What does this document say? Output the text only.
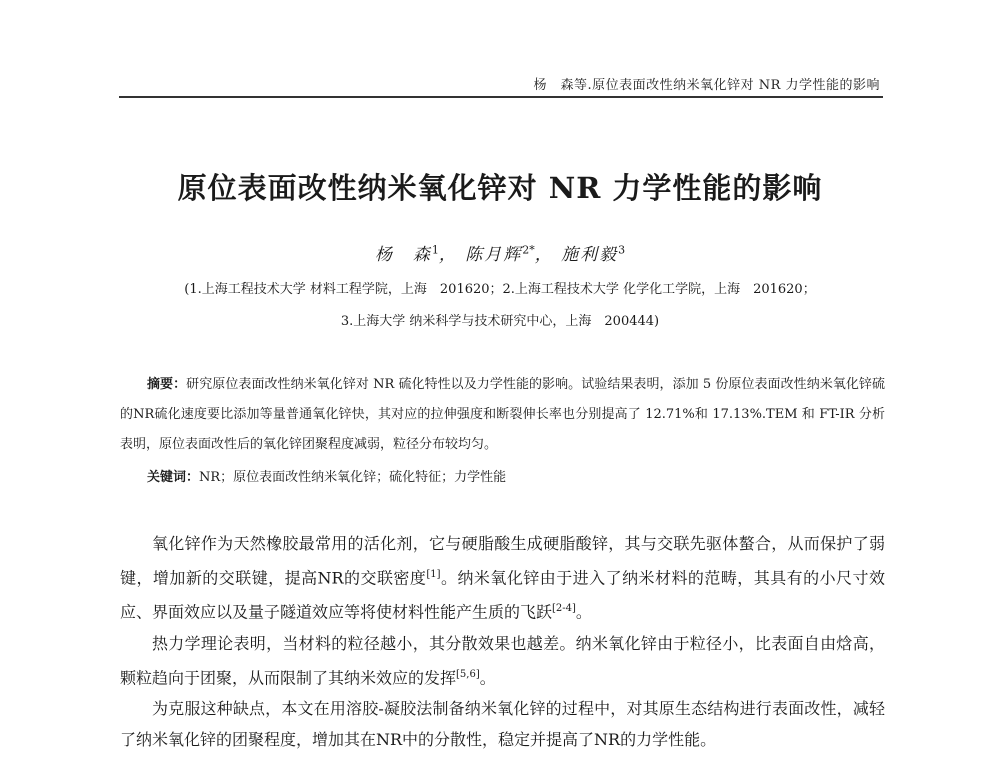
杨　森等.原位表面改性纳米氧化锌对 NR 力学性能的影响
原位表面改性纳米氧化锌对 NR 力学性能的影响
杨　森$^1$， 陈月辉$^{2*}$， 施利毅$^3$
(1.上海工程技术大学 材料工程学院，上海　201620；2.上海工程技术大学 化学化工学院，上海　201620；
3.上海大学 纳米科学与技术研究中心，上海　200444)

摘要：研究原位表面改性纳米氧化锌对 NR 硫化特性以及力学性能的影响。试验结果表明，添加 5 份原位表面改性纳米氧化锌硫的NR硫化速度要比添加等量普通氧化锌快，其对应的拉伸强度和断裂伸长率也分别提高了 12.71%和 17.13%.TEM 和 FT-IR 分析表明，原位表面改性后的氧化锌团聚程度减弱，粒径分布较均匀。

关键词：NR；原位表面改性纳米氧化锌；硫化特征；力学性能

氧化锌作为天然橡胶最常用的活化剂，它与硬脂酸生成硬脂酸锌，其与交联先驱体螯合，从而保护了弱键，增加新的交联键，提高NR的交联密度[1]。纳米氧化锌由于进入了纳米材料的范畴，其具有的小尺寸效应、界面效应以及量子隧道效应等将使材料性能产生质的飞跃[2-4]。

热力学理论表明，当材料的粒径越小，其分散效果也越差。纳米氧化锌由于粒径小，比表面自由焓高，颗粒趋向于团聚，从而限制了其纳米效应的发挥[5,6]。

为克服这种缺点，本文在用溶胶-凝胶法制备纳米氧化锌的过程中，对其原生态结构进行表面改性，减轻了纳米氧化锌的团聚程度，增加其在NR中的分散性，稳定并提高了NR的力学性能。
